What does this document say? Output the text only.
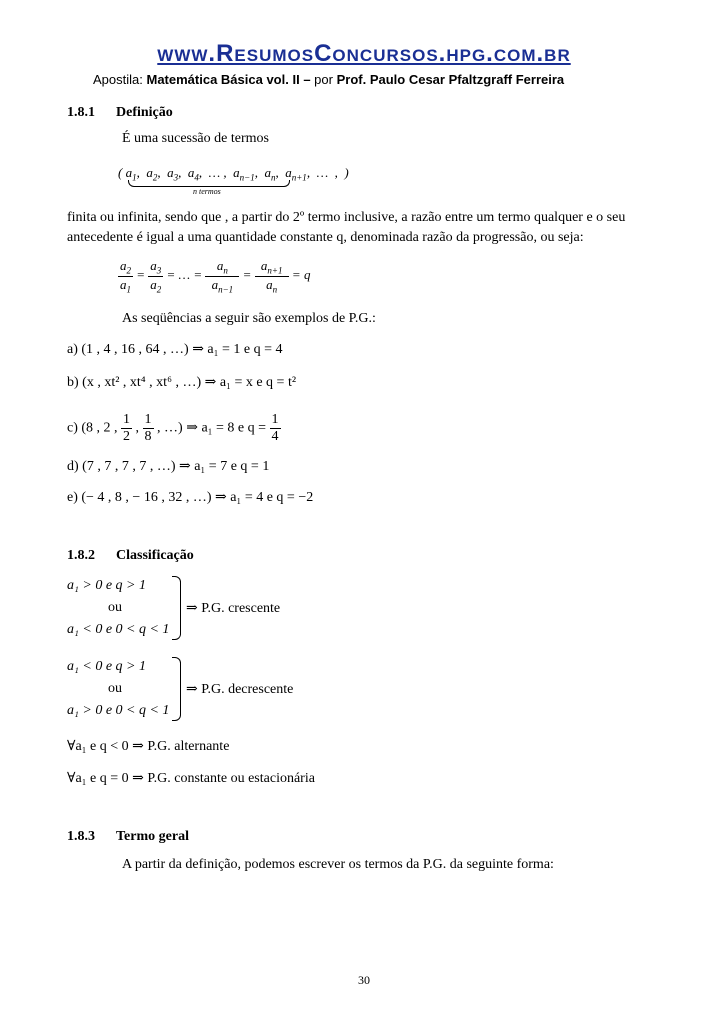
www.ResumosConcursos.hpg.com.br
Apostila: Matemática Básica vol. II – por Prof. Paulo Cesar Pfaltzgraff Ferreira
1.8.1 Definição
É uma sucessão de termos
( $a_1$,  $a_2$,  $a_3$,  $a_4$,  … ,  $a_{n-1}$,  $a_n$,  $a_{n+1}$,  …  ,  )
n termos
finita ou infinita, sendo que , a partir do 2º termo inclusive, a razão entre um termo qualquer e o seu antecedente é igual a uma quantidade constante q, denominada razão da progressão, ou seja:
$\frac{a_2}{a_1} = \frac{a_3}{a_2}$ = … = $\frac{a_n}{a_{n-1}} = \frac{a_{n+1}}{a_n} = q$
As seqüências a seguir são exemplos de P.G.:
a) (1 , 4 , 16 , 64 , …) ⇒ a₁ = 1 e q = 4
b) (x , xt² , xt⁴ , xt⁶ , …) ⇒ a₁ = x e q = t²
c) (8 , 2 , $\frac{1}{2}$ , $\frac{1}{8}$ , …) ⇒ a₁ = 8 e $q = \frac{1}{4}$
d) (7 , 7 , 7 , 7 , …) ⇒ a₁ = 7 e q = 1
e) (− 4 , 8 , − 16 , 32 , …) ⇒ a₁ = 4 e q = −2
1.8.2 Classificação
a₁ > 0 e q > 1
ou
a₁ < 0 e 0 < q < 1
⇒ P.G. crescente
a₁ < 0 e q > 1
ou
a₁ > 0 e 0 < q < 1
⇒ P.G. decrescente
∀a₁ e q < 0 ⇒ P.G. alternante
∀a₁ e q = 0 ⇒ P.G. constante ou estacionária
1.8.3 Termo geral
A partir da definição, podemos escrever os termos da P.G. da seguinte forma:
30
